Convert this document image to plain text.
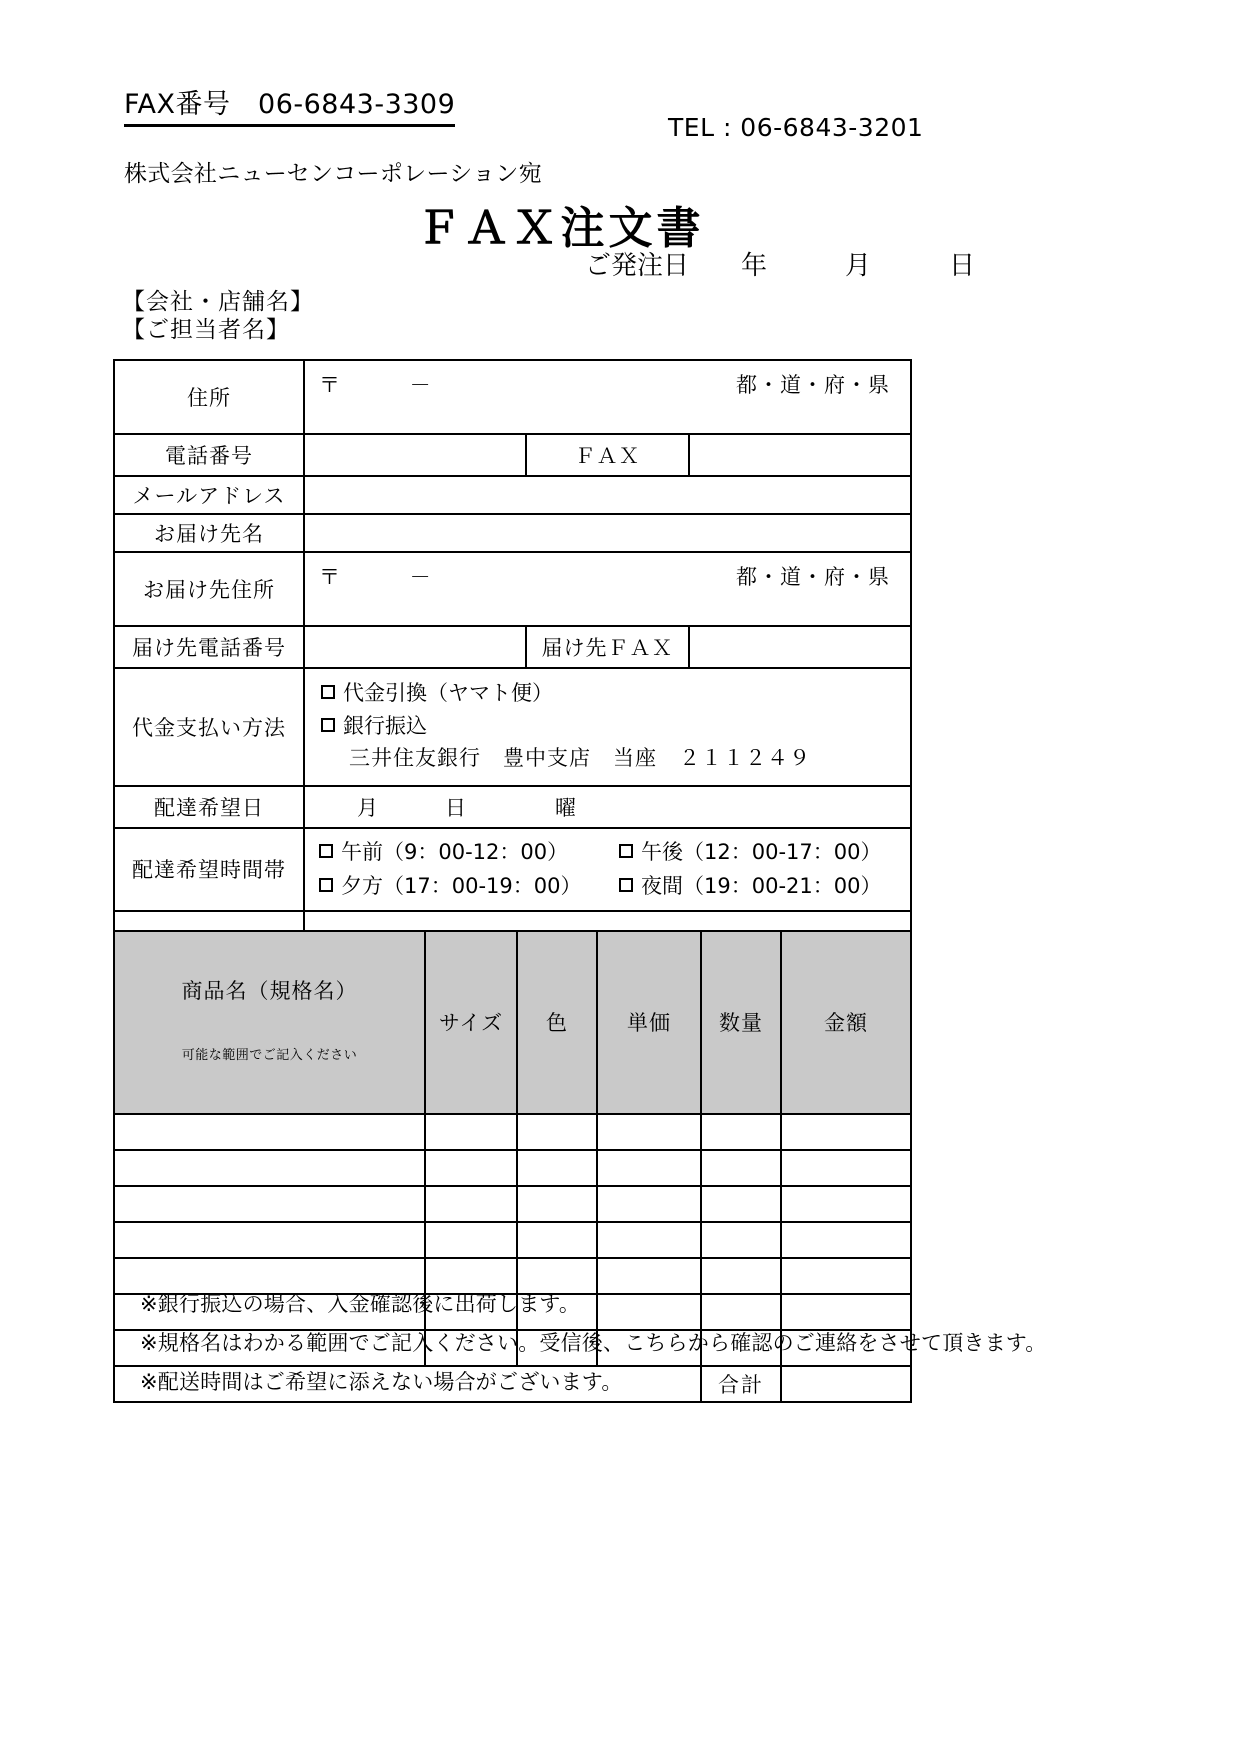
FAX番号　06-6843-3309
TEL : 06-6843-3201
株式会社ニューセンコーポレーション宛
ＦＡＸ注文書
ご発注日　　年　　　月　　　日
【会社・店舗名】
【ご担当者名】
住所	〒　　　 － 都・道・府・県		

電話番号		ＦＡＸ	
メールアドレス			
お届け先名			
お届け先住所	〒　　　 － 都・道・府・県		

届け先電話番号		届け先ＦＡＸ	
代金支払い方法	代金引換（ヤマト便）
銀行振込
三井住友銀行　豊中支店　当座　２１１２４９		

配達希望日	月　　　日　　　　曜		

配達希望時間帯	午前（9：00-12：00） 午後（12：00-17：00）
夕方（17：00-19：00） 夜間（19：00-21：00）		

商品名（規格名）

可能な範囲でご記入ください	サイズ	色	単価	数量	金額

				合計	
※銀行振込の場合、入金確認後に出荷します。
※規格名はわかる範囲でご記入ください。受信後、こちらから確認のご連絡をさせて頂きます。
※配送時間はご希望に添えない場合がございます。
